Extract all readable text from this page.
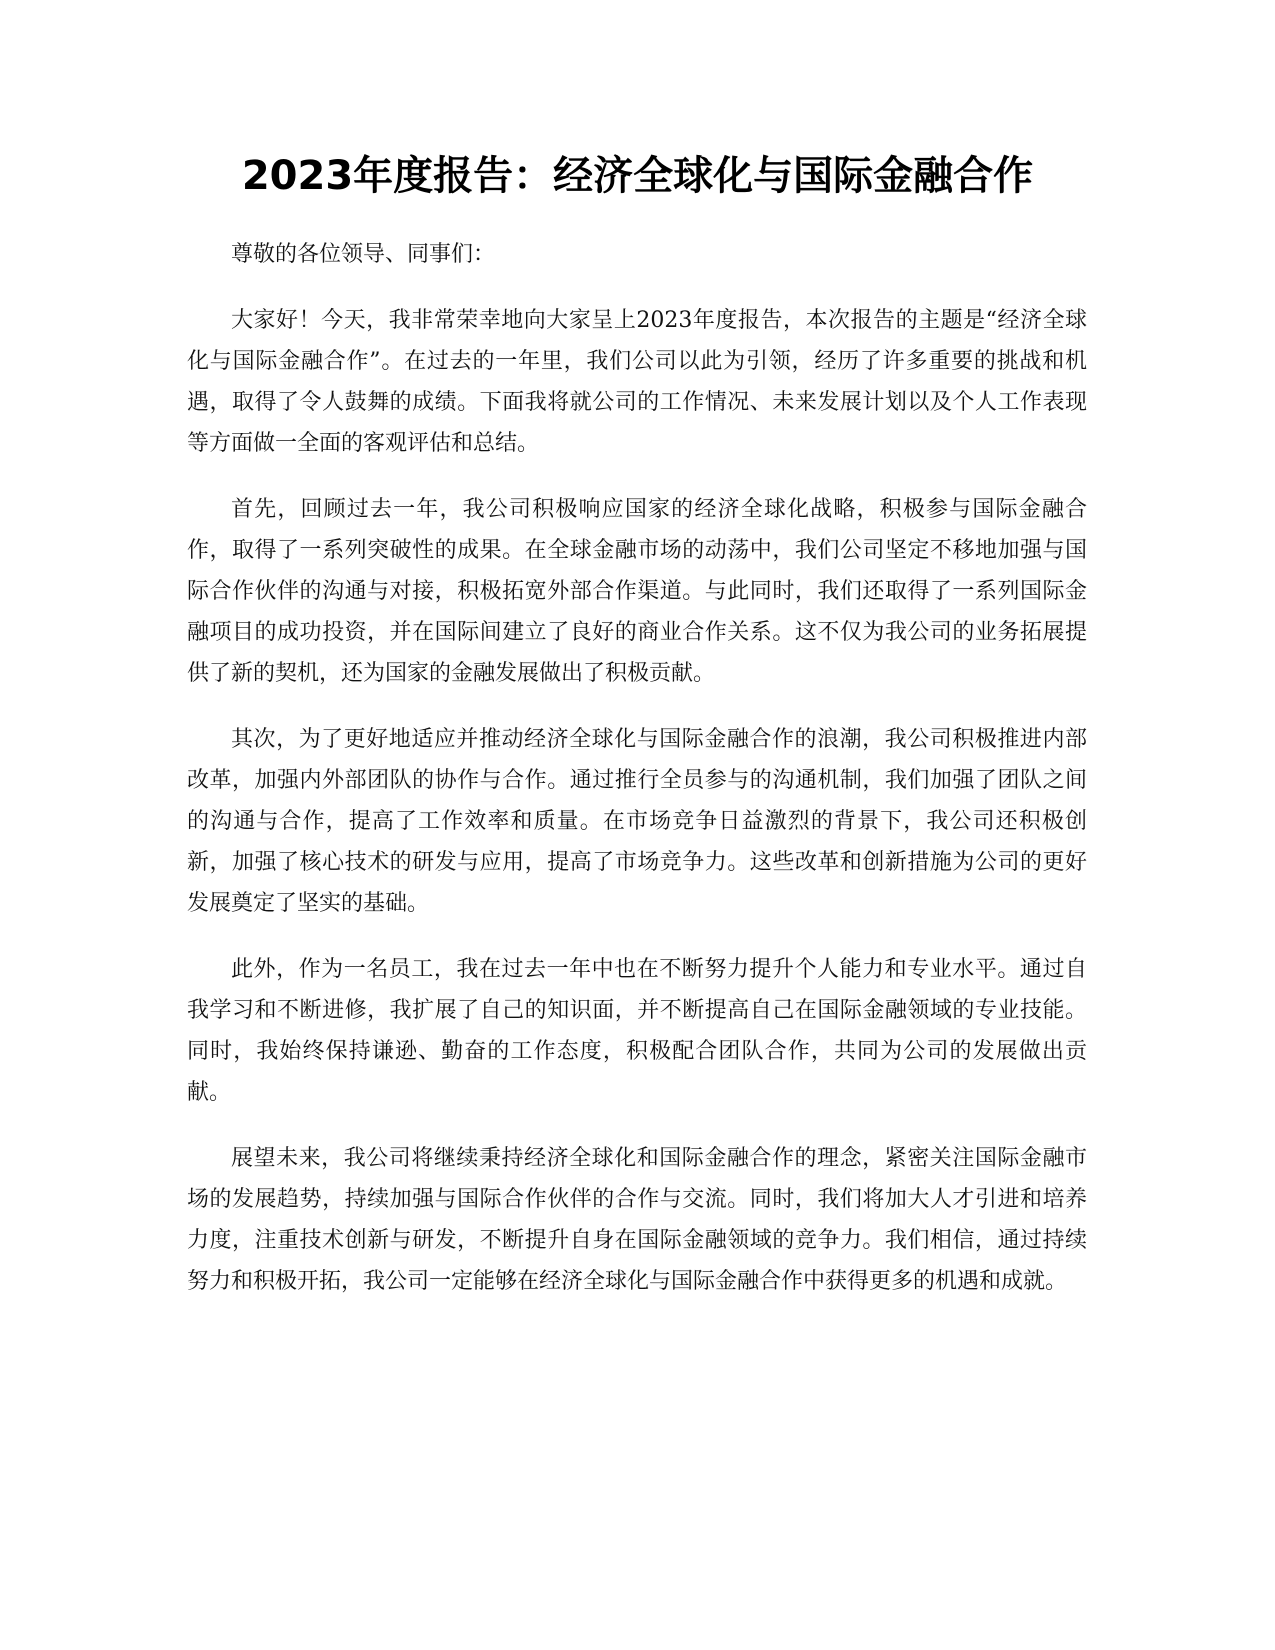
2023年度报告：经济全球化与国际金融合作

尊敬的各位领导、同事们：

大家好！今天，我非常荣幸地向大家呈上2023年度报告，本次报告的主题是“经济全球化与国际金融合作”。在过去的一年里，我们公司以此为引领，经历了许多重要的挑战和机遇，取得了令人鼓舞的成绩。下面我将就公司的工作情况、未来发展计划以及个人工作表现等方面做一全面的客观评估和总结。

首先，回顾过去一年，我公司积极响应国家的经济全球化战略，积极参与国际金融合作，取得了一系列突破性的成果。在全球金融市场的动荡中，我们公司坚定不移地加强与国际合作伙伴的沟通与对接，积极拓宽外部合作渠道。与此同时，我们还取得了一系列国际金融项目的成功投资，并在国际间建立了良好的商业合作关系。这不仅为我公司的业务拓展提供了新的契机，还为国家的金融发展做出了积极贡献。

其次，为了更好地适应并推动经济全球化与国际金融合作的浪潮，我公司积极推进内部改革，加强内外部团队的协作与合作。通过推行全员参与的沟通机制，我们加强了团队之间的沟通与合作，提高了工作效率和质量。在市场竞争日益激烈的背景下，我公司还积极创新，加强了核心技术的研发与应用，提高了市场竞争力。这些改革和创新措施为公司的更好发展奠定了坚实的基础。

此外，作为一名员工，我在过去一年中也在不断努力提升个人能力和专业水平。通过自我学习和不断进修，我扩展了自己的知识面，并不断提高自己在国际金融领域的专业技能。同时，我始终保持谦逊、勤奋的工作态度，积极配合团队合作，共同为公司的发展做出贡献。

展望未来，我公司将继续秉持经济全球化和国际金融合作的理念，紧密关注国际金融市场的发展趋势，持续加强与国际合作伙伴的合作与交流。同时，我们将加大人才引进和培养力度，注重技术创新与研发，不断提升自身在国际金融领域的竞争力。我们相信，通过持续努力和积极开拓，我公司一定能够在经济全球化与国际金融合作中获得更多的机遇和成就。
